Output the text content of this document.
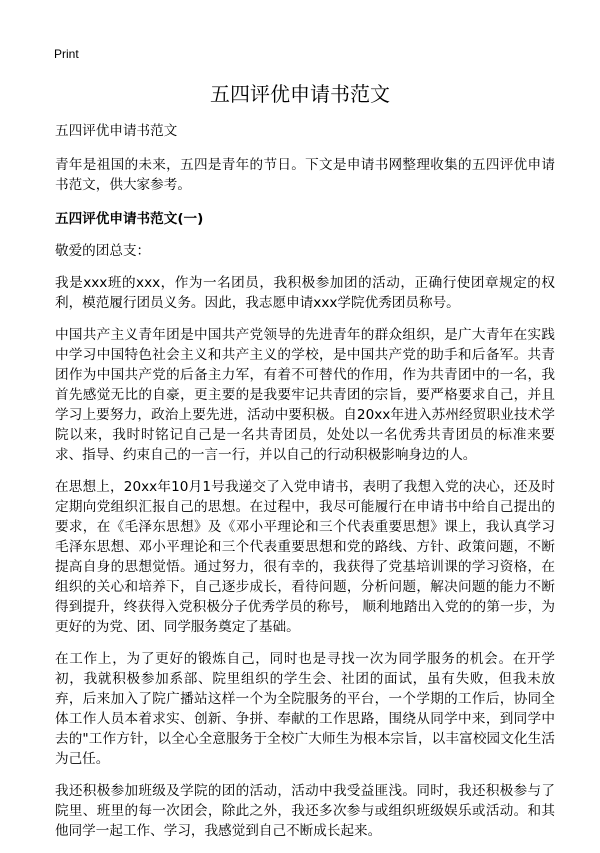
Print
五四评优申请书范文

五四评优申请书范文

青年是祖国的未来，五四是青年的节日。下文是申请书网整理收集的五四评优申请书范文，供大家参考。

五四评优申请书范文(一)

敬爱的团总支：

我是xxx班的xxx，作为一名团员，我积极参加团的活动，正确行使团章规定的权利，模范履行团员义务。因此，我志愿申请xxx学院优秀团员称号。

中国共产主义青年团是中国共产党领导的先进青年的群众组织，是广大青年在实践中学习中国特色社会主义和共产主义的学校，是中国共产党的助手和后备军。共青团作为中国共产党的后备主力军，有着不可替代的作用，作为共青团中的一名，我首先感觉无比的自豪，更主要的是我要牢记共青团的宗旨，要严格要求自己，并且学习上要努力，政治上要先进，活动中要积极。自20xx年进入苏州经贸职业技术学院以来，我时时铭记自己是一名共青团员，处处以一名优秀共青团员的标准来要求、指导、约束自己的一言一行，并以自己的行动积极影响身边的人。

在思想上，20xx年10月1号我递交了入党申请书，表明了我想入党的决心，还及时定期向党组织汇报自己的思想。在过程中，我尽可能履行在申请书中给自己提出的要求，在《毛泽东思想》及《邓小平理论和三个代表重要思想》课上，我认真学习毛泽东思想、邓小平理论和三个代表重要思想和党的路线、方针、政策问题，不断提高自身的思想觉悟。通过努力，很有幸的，我获得了党基培训课的学习资格，在组织的关心和培养下，自己逐步成长，看待问题，分析问题，解决问题的能力不断得到提升，终获得入党积极分子优秀学员的称号， 顺利地踏出入党的的第一步，为更好的为党、团、同学服务奠定了基础。

在工作上，为了更好的锻炼自己，同时也是寻找一次为同学服务的机会。在开学初，我就积极参加系部、院里组织的学生会、社团的面试，虽有失败，但我未放弃，后来加入了院广播站这样一个为全院服务的平台，一个学期的工作后，协同全体工作人员本着求实、创新、争拼、奉献的工作思路，围绕从同学中来，到同学中去的"工作方针，以全心全意服务于全校广大师生为根本宗旨，以丰富校园文化生活为己任。

我还积极参加班级及学院的团的活动，活动中我受益匪浅。同时，我还积极参与了院里、班里的每一次团会，除此之外，我还多次参与或组织班级娱乐或活动。和其他同学一起工作、学习，我感觉到自己不断成长起来。
